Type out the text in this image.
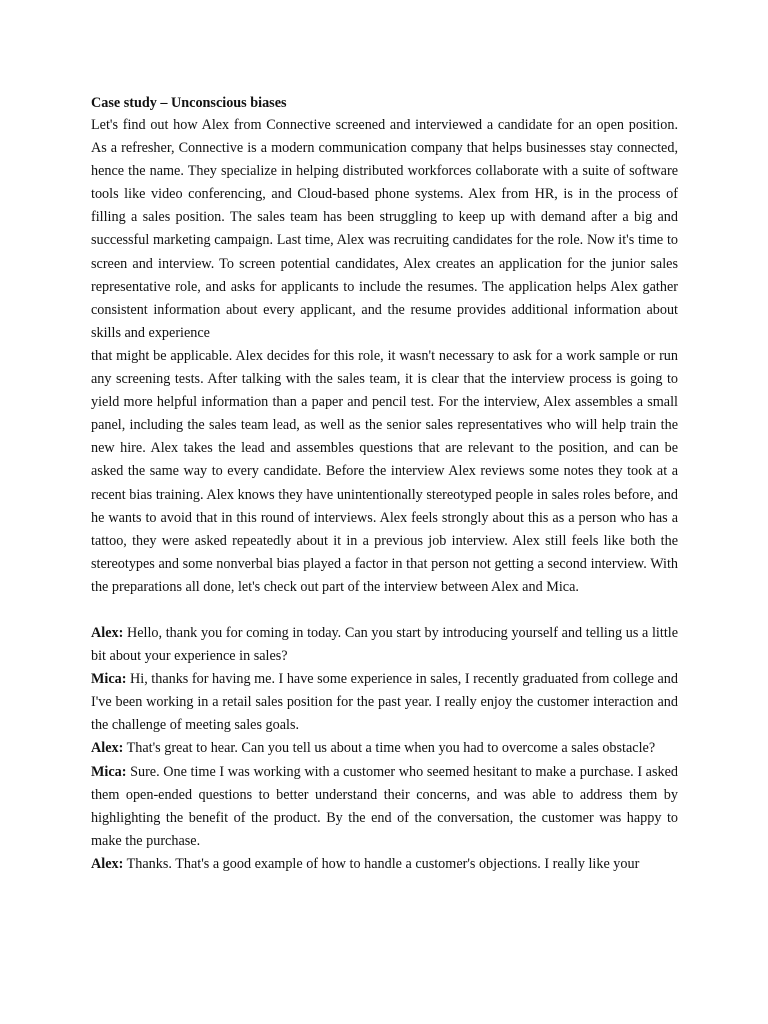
Case study – Unconscious biases

Let's find out how Alex from Connective screened and interviewed a candidate for an open position. As a refresher, Connective is a modern communication company that helps businesses stay connected, hence the name. They specialize in helping distributed workforces collaborate with a suite of software tools like video conferencing, and Cloud-based phone systems. Alex from HR, is in the process of filling a sales position. The sales team has been struggling to keep up with demand after a big and successful marketing campaign. Last time, Alex was recruiting candidates for the role. Now it's time to screen and interview. To screen potential candidates, Alex creates an application for the junior sales representative role, and asks for applicants to include the resumes. The application helps Alex gather consistent information about every applicant, and the resume provides additional information about skills and experience
that might be applicable. Alex decides for this role, it wasn't necessary to ask for a work sample or run any screening tests. After talking with the sales team, it is clear that the interview process is going to yield more helpful information than a paper and pencil test. For the interview, Alex assembles a small panel, including the sales team lead, as well as the senior sales representatives who will help train the new hire. Alex takes the lead and assembles questions that are relevant to the position, and can be asked the same way to every candidate. Before the interview Alex reviews some notes they took at a recent bias training. Alex knows they have unintentionally stereotyped people in sales roles before, and he wants to avoid that in this round of interviews. Alex feels strongly about this as a person who has a tattoo, they were asked repeatedly about it in a previous job interview. Alex still feels like both the stereotypes and some nonverbal bias played a factor in that person not getting a second interview. With the preparations all done, let's check out part of the interview between Alex and Mica.

Alex: Hello, thank you for coming in today. Can you start by introducing yourself and telling us a little bit about your experience in sales?

Mica: Hi, thanks for having me. I have some experience in sales, I recently graduated from college and I've been working in a retail sales position for the past year. I really enjoy the customer interaction and the challenge of meeting sales goals.

Alex: That's great to hear. Can you tell us about a time when you had to overcome a sales obstacle?

Mica: Sure. One time I was working with a customer who seemed hesitant to make a purchase. I asked them open-ended questions to better understand their concerns, and was able to address them by highlighting the benefit of the product. By the end of the conversation, the customer was happy to make the purchase.

Alex: Thanks. That's a good example of how to handle a customer's objections. I really like your
